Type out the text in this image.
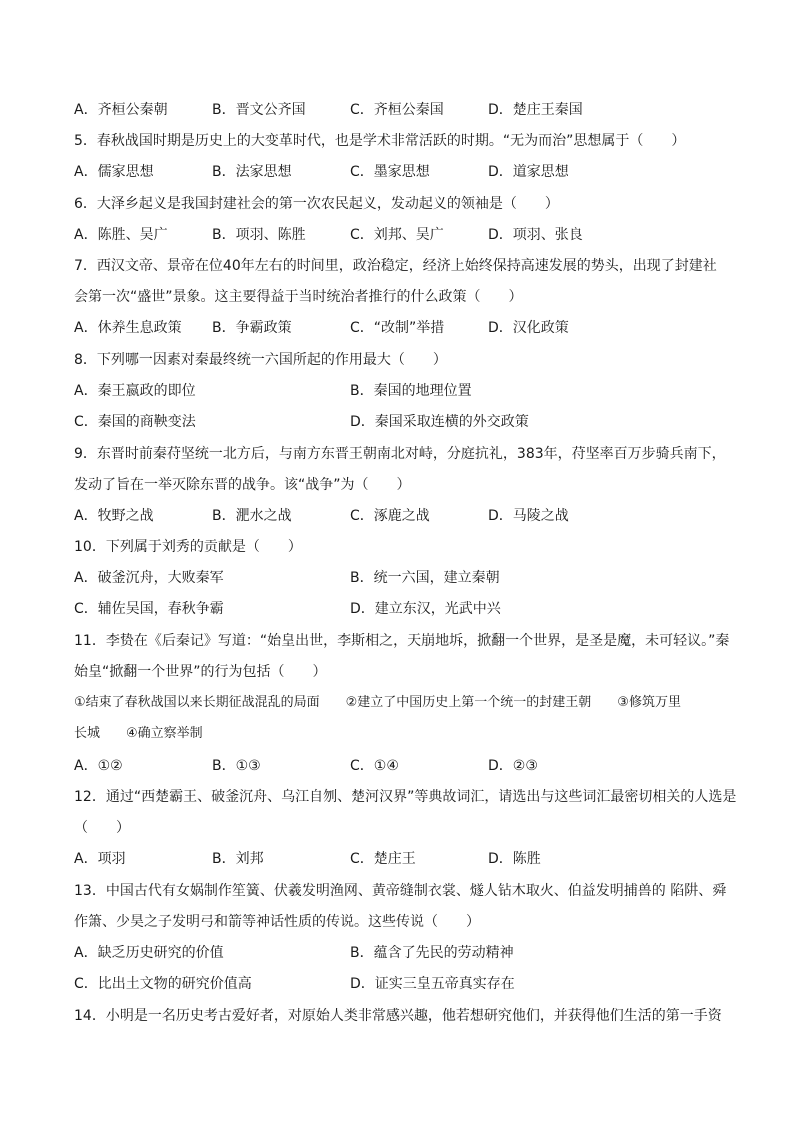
A．齐桓公秦朝	B．晋文公齐国	C．齐桓公秦国	D．楚庄王秦国
5．春秋战国时期是历史上的大变革时代，也是学术非常活跃的时期。“无为而治”思想属于（　　）
A．儒家思想	B．法家思想	C．墨家思想	D．道家思想
6．大泽乡起义是我国封建社会的第一次农民起义，发动起义的领袖是（　　）
A．陈胜、吴广	B．项羽、陈胜	C．刘邦、吴广	D．项羽、张良
7．西汉文帝、景帝在位40年左右的时间里，政治稳定，经济上始终保持高速发展的势头，出现了封建社
会第一次“盛世”景象。这主要得益于当时统治者推行的什么政策（　　）
A．休养生息政策 B．争霸政策	C．“改制”举措	D．汉化政策
8．下列哪一因素对秦最终统一六国所起的作用最大（　　）
A．秦王嬴政的即位	B．秦国的地理位置
C．秦国的商鞅变法	D．秦国采取连横的外交政策
9．东晋时前秦苻坚统一北方后，与南方东晋王朝南北对峙，分庭抗礼，383年，苻坚率百万步骑兵南下，
发动了旨在一举灭除东晋的战争。该“战争”为（　　）
A．牧野之战	B．淝水之战	C．涿鹿之战	D．马陵之战
10．下列属于刘秀的贡献是（　　）
A．破釜沉舟，大败秦军	B．统一六国，建立秦朝
C．辅佐吴国，春秋争霸	D．建立东汉，光武中兴
11．李贽在《后秦记》写道：“始皇出世，李斯相之，天崩地坼，掀翻一个世界，是圣是魔，未可轻议。”秦
始皇“掀翻一个世界”的行为包括（　　）
①结束了春秋战国以来长期征战混乱的局面　　②建立了中国历史上第一个统一的封建王朝　　③修筑万里
长城　　④确立察举制
A．①②	B．①③	C．①④	D．②③
12．通过“西楚霸王、破釜沉舟、乌江自刎、楚河汉界”等典故词汇，请选出与这些词汇最密切相关的人选是
（　　）
A．项羽	B．刘邦	C．楚庄王	D．陈胜
13．中国古代有女娲制作笙簧、伏羲发明渔网、黄帝缝制衣裳、燧人钻木取火、伯益发明捕兽的 陷阱、舜
作箫、少昊之子发明弓和箭等神话性质的传说。这些传说（　　）
A．缺乏历史研究的价值	B．蕴含了先民的劳动精神
C．比出土文物的研究价值高	D．证实三皇五帝真实存在
14．小明是一名历史考古爱好者，对原始人类非常感兴趣，他若想研究他们，并获得他们生活的第一手资
